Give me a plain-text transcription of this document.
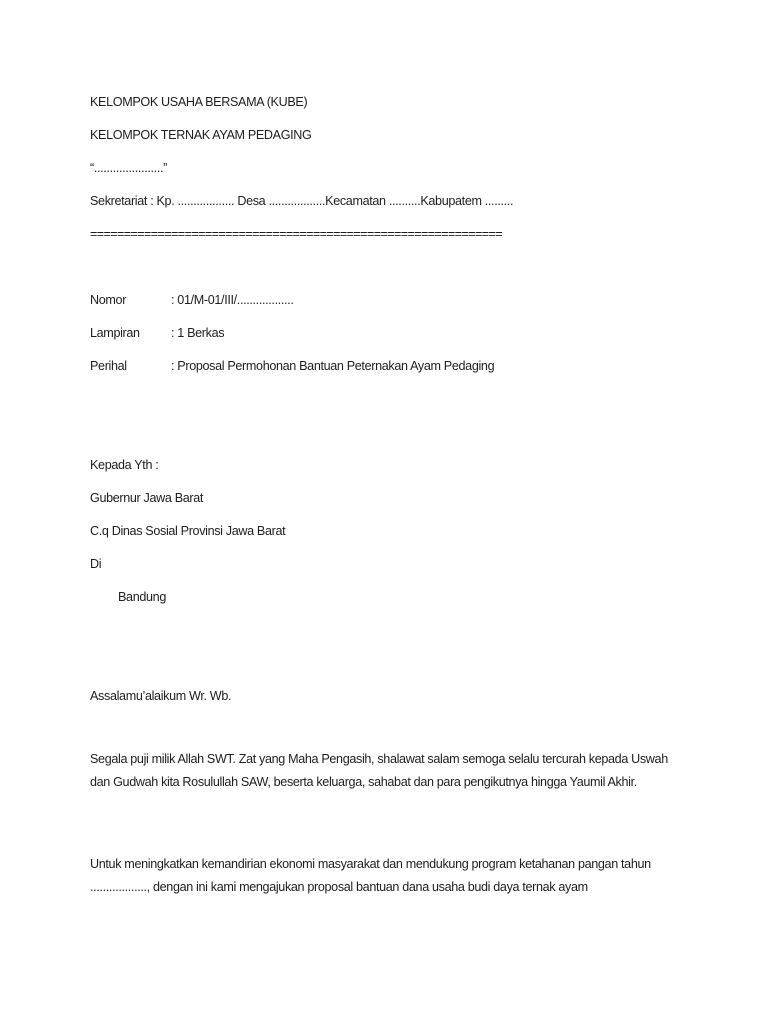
KELOMPOK USAHA BERSAMA (KUBE)
KELOMPOK TERNAK AYAM PEDAGING
“......................”
Sekretariat : Kp. .................. Desa ..................Kecamatan ..........Kabupatem .........
=============================================================
Nomor	: 01/M-01/III/..................
Lampiran : 1 Berkas
Perihal	: Proposal Permohonan Bantuan Peternakan Ayam Pedaging
Kepada Yth :
Gubernur Jawa Barat
C.q Dinas Sosial Provinsi Jawa Barat
Di
Bandung
Assalamu’alaikum Wr. Wb.
Segala puji milik Allah SWT. Zat yang Maha Pengasih, shalawat salam semoga selalu tercurah kepada Uswah dan Gudwah kita Rosulullah SAW, beserta keluarga, sahabat dan para pengikutnya hingga Yaumil Akhir.
Untuk meningkatkan kemandirian ekonomi masyarakat dan mendukung program ketahanan pangan tahun .................., dengan ini kami mengajukan proposal bantuan dana usaha budi daya ternak ayam
